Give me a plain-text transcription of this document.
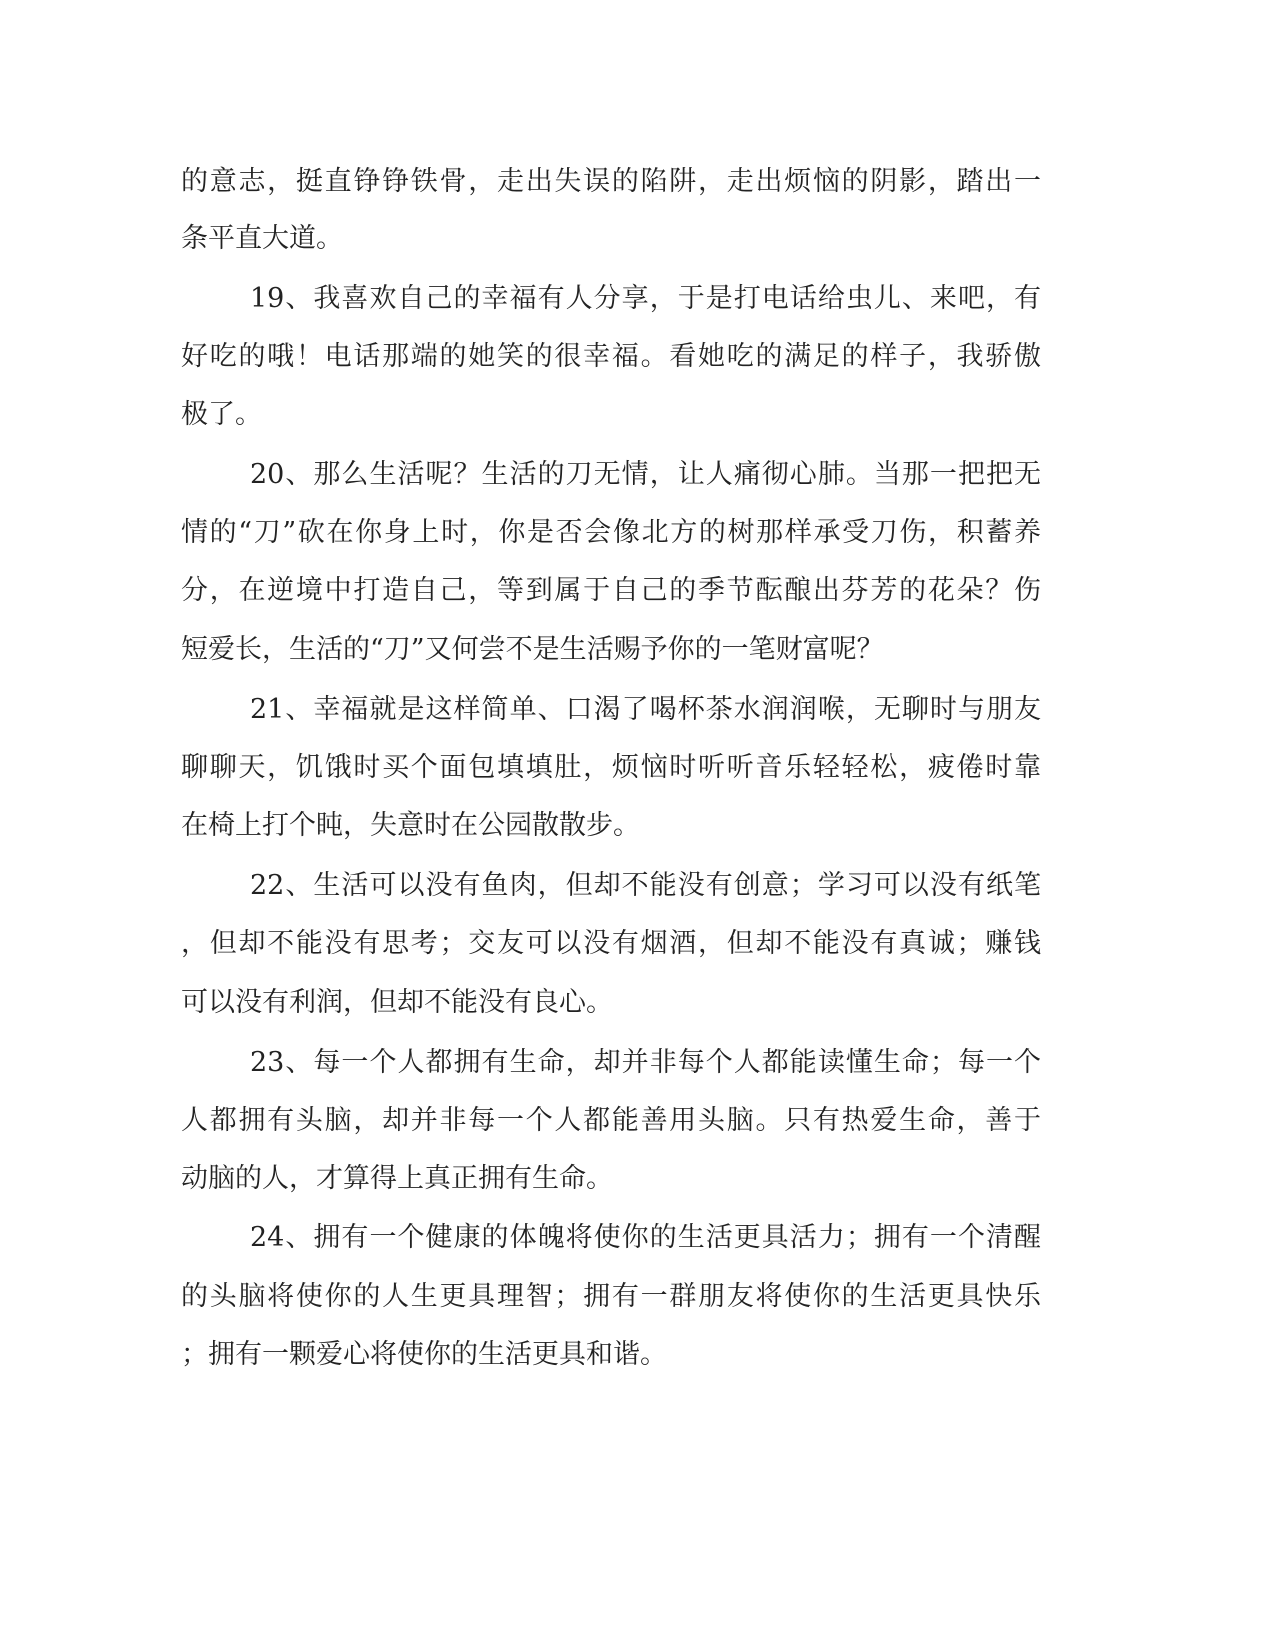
的意志，挺直铮铮铁骨，走出失误的陷阱，走出烦恼的阴影，踏出一
条平直大道。
19、我喜欢自己的幸福有人分享，于是打电话给虫儿、来吧，有
好吃的哦！电话那端的她笑的很幸福。看她吃的满足的样子，我骄傲
极了。
20、那么生活呢？生活的刀无情，让人痛彻心肺。当那一把把无
情的“刀”砍在你身上时，你是否会像北方的树那样承受刀伤，积蓄养
分，在逆境中打造自己，等到属于自己的季节酝酿出芬芳的花朵？伤
短爱长，生活的“刀”又何尝不是生活赐予你的一笔财富呢？
21、幸福就是这样简单、口渴了喝杯茶水润润喉，无聊时与朋友
聊聊天，饥饿时买个面包填填肚，烦恼时听听音乐轻轻松，疲倦时靠
在椅上打个盹，失意时在公园散散步。
22、生活可以没有鱼肉，但却不能没有创意；学习可以没有纸笔
，但却不能没有思考；交友可以没有烟酒，但却不能没有真诚；赚钱
可以没有利润，但却不能没有良心。
23、每一个人都拥有生命，却并非每个人都能读懂生命；每一个
人都拥有头脑，却并非每一个人都能善用头脑。只有热爱生命，善于
动脑的人，才算得上真正拥有生命。
24、拥有一个健康的体魄将使你的生活更具活力；拥有一个清醒
的头脑将使你的人生更具理智；拥有一群朋友将使你的生活更具快乐
；拥有一颗爱心将使你的生活更具和谐。
